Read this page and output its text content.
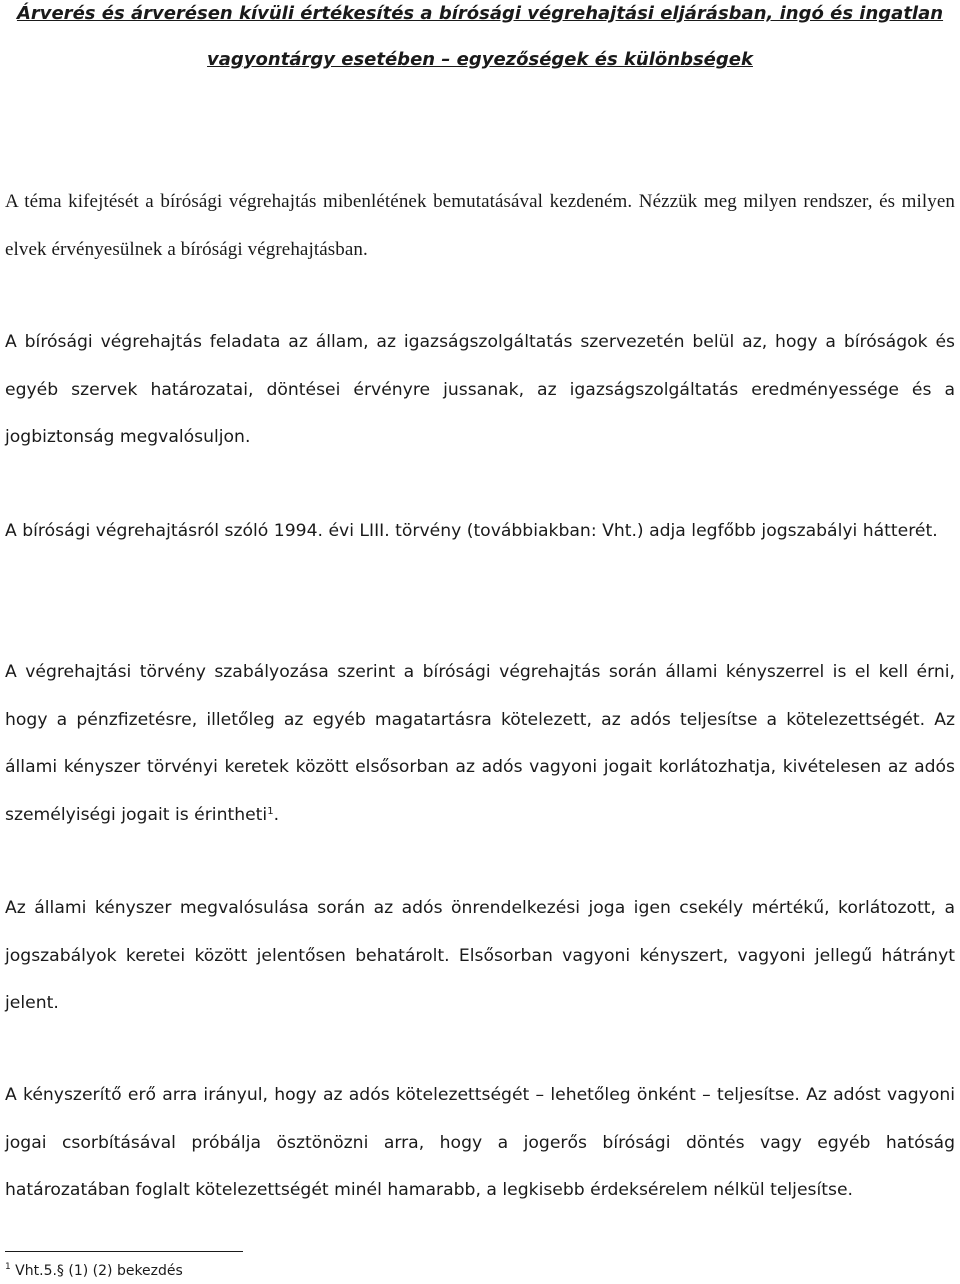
Árverés és árverésen kívüli értékesítés a bírósági végrehajtási eljárásban, ingó és ingatlan
vagyontárgy esetében – egyezőségek és különbségek

A téma kifejtését a bírósági végrehajtás mibenlétének bemutatásával kezdeném. Nézzük meg milyen rendszer, és milyen elvek érvényesülnek a bírósági végrehajtásban.

A bírósági végrehajtás feladata az állam, az igazságszolgáltatás szervezetén belül az, hogy a bíróságok és egyéb szervek határozatai, döntései érvényre jussanak, az igazságszolgáltatás eredményessége és a jogbiztonság megvalósuljon.

A bírósági végrehajtásról szóló 1994. évi LIII. törvény (továbbiakban: Vht.) adja legfőbb jogszabályi hátterét.

A végrehajtási törvény szabályozása szerint a bírósági végrehajtás során állami kényszerrel is el kell érni, hogy a pénzfizetésre, illetőleg az egyéb magatartásra kötelezett, az adós teljesítse a kötelezettségét. Az állami kényszer törvényi keretek között elsősorban az adós vagyoni jogait korlátozhatja, kivételesen az adós személyiségi jogait is érintheti$^1$.

Az állami kényszer megvalósulása során az adós önrendelkezési joga igen csekély mértékű, korlátozott, a jogszabályok keretei között jelentősen behatárolt. Elsősorban vagyoni kényszert, vagyoni jellegű hátrányt jelent.

A kényszerítő erő arra irányul, hogy az adós kötelezettségét – lehetőleg önként – teljesítse. Az adóst vagyoni jogai csorbításával próbálja ösztönözni arra, hogy a jogerős bírósági döntés vagy egyéb hatóság határozatában foglalt kötelezettségét minél hamarabb, a legkisebb érdeksérelem nélkül teljesítse.

$^1$ Vht.5.§ (1) (2) bekezdés
